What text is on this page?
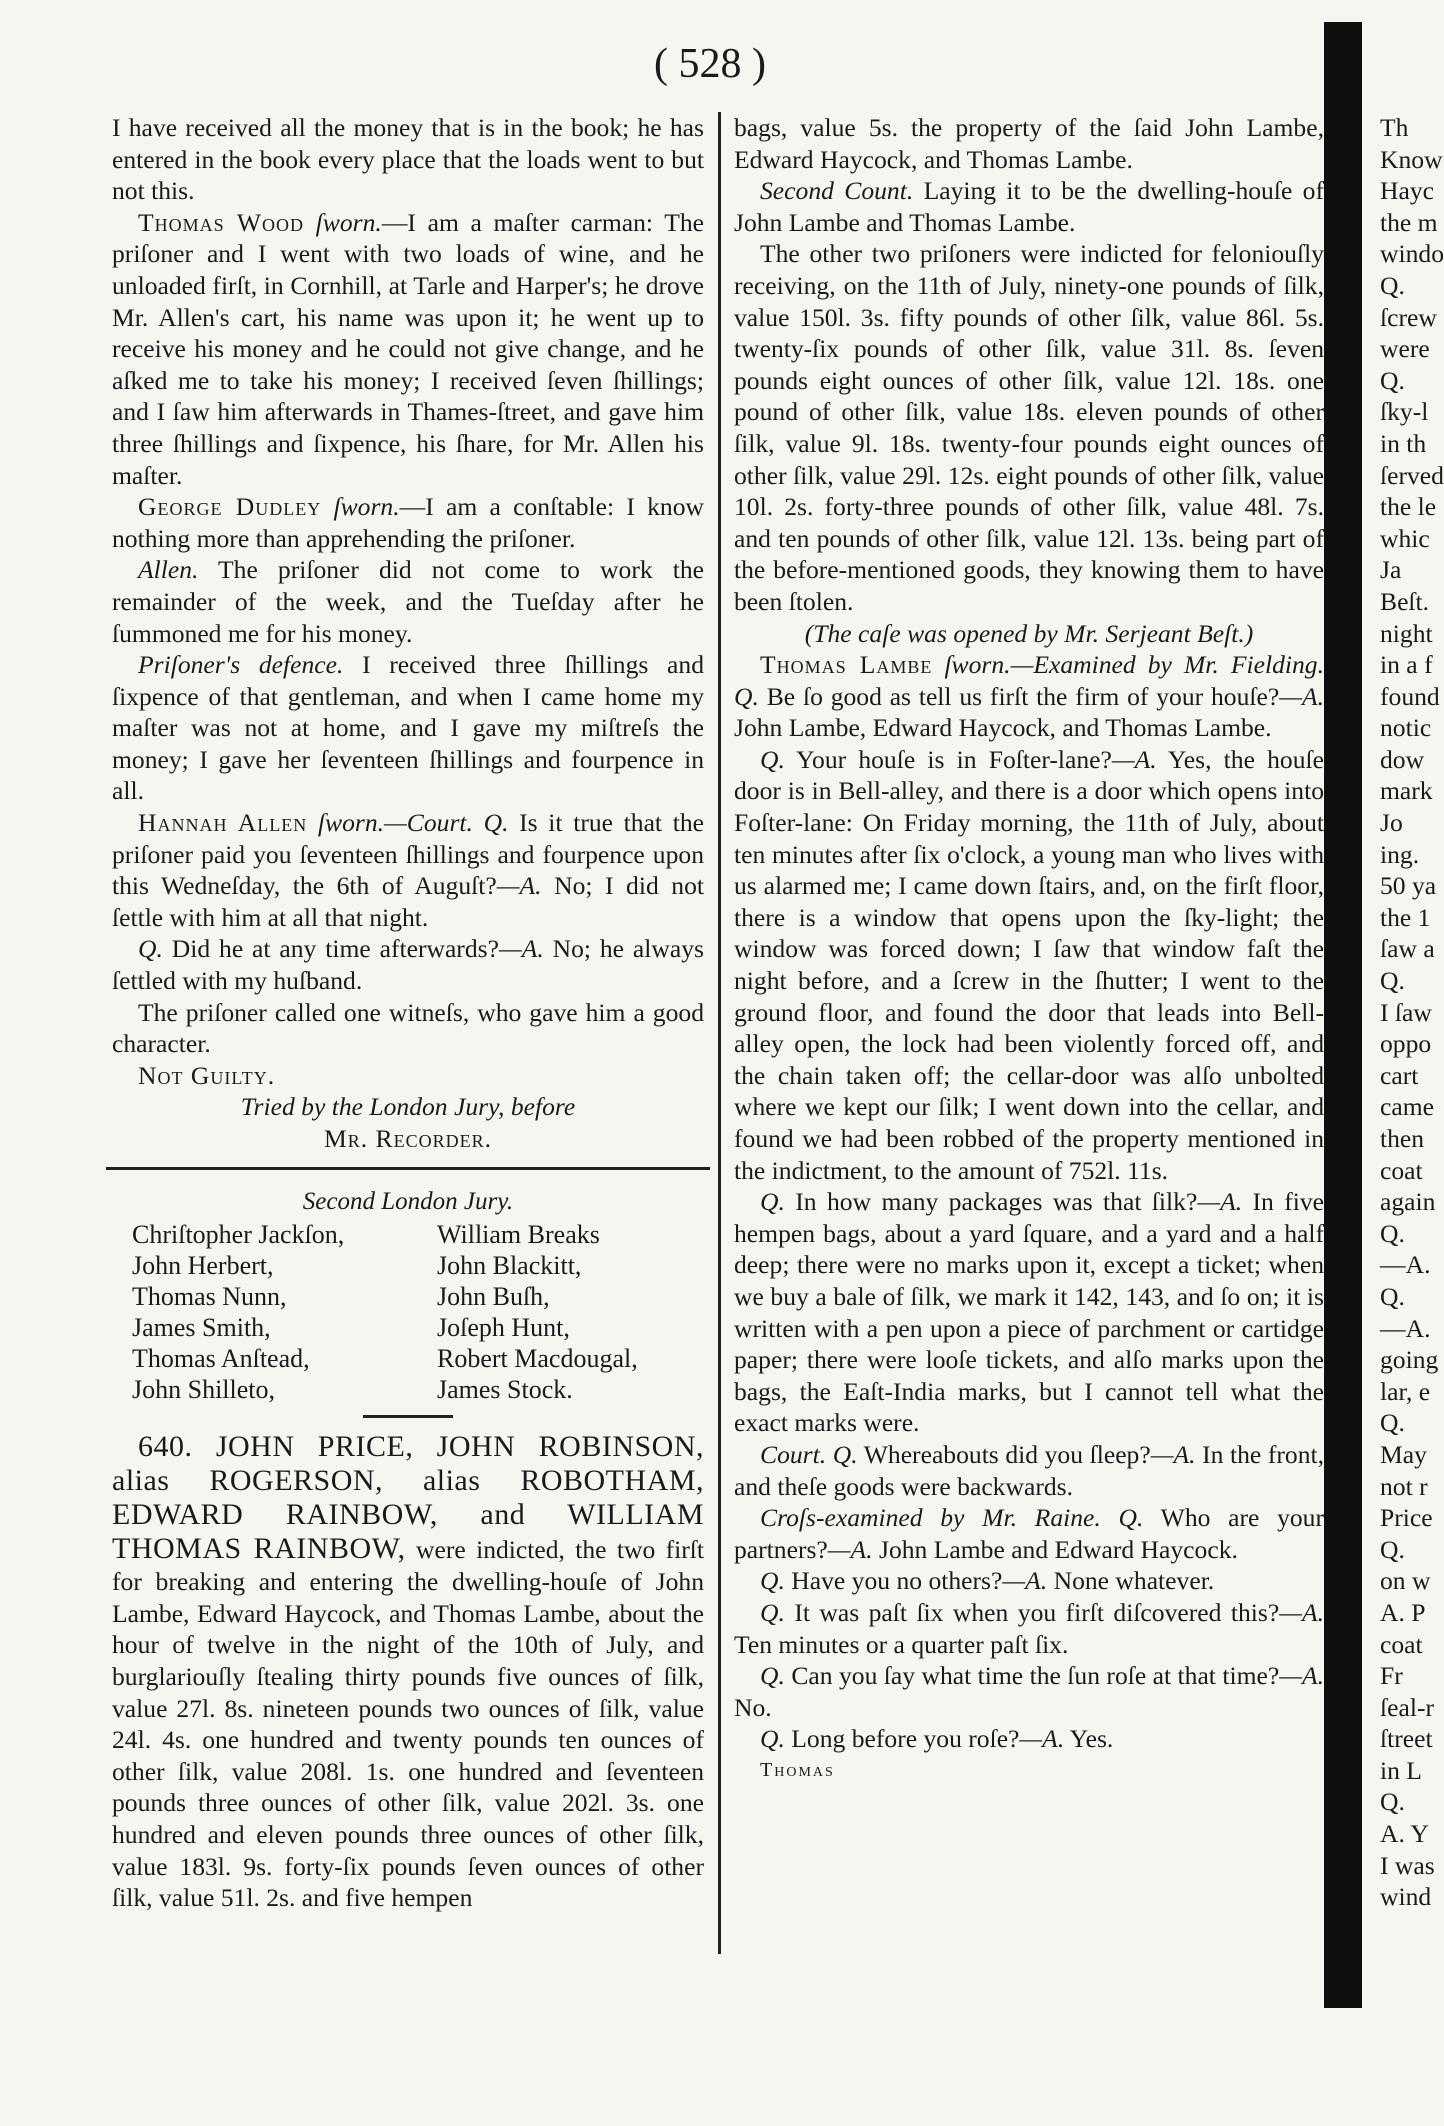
( 528 )

I have received all the money that is in the book; he has entered in the book every place that the loads went to but not this.

Thomas Wood ſworn.—I am a maſter carman: The priſoner and I went with two loads of wine, and he unloaded firſt, in Cornhill, at Tarle and Harper's; he drove Mr. Allen's cart, his name was upon it; he went up to receive his money and he could not give change, and he aſked me to take his money; I received ſeven ſhillings; and I ſaw him afterwards in Thames-ſtreet, and gave him three ſhillings and ſixpence, his ſhare, for Mr. Allen his maſter.

George Dudley ſworn.—I am a conſtable: I know nothing more than apprehending the priſoner.

Allen. The priſoner did not come to work the remainder of the week, and the Tueſday after he ſummoned me for his money.

Priſoner's defence. I received three ſhillings and ſixpence of that gentleman, and when I came home my maſter was not at home, and I gave my miſtreſs the money; I gave her ſeventeen ſhillings and fourpence in all.

Hannah Allen ſworn.—Court. Q. Is it true that the priſoner paid you ſeventeen ſhillings and fourpence upon this Wedneſday, the 6th of Auguſt?—A. No; I did not ſettle with him at all that night.

Q. Did he at any time afterwards?—A. No; he always ſettled with my huſband.

The priſoner called one witneſs, who gave him a good character.

Not Guilty.

Tried by the London Jury, before

Mr. Recorder.

Second London Jury.
Chriſtopher Jackſon,	William Breaks
John Herbert,	John Blackitt,
Thomas Nunn,	John Buſh,
James Smith,	Joſeph Hunt,
Thomas Anſtead,	Robert Macdougal,
John Shilleto,	James Stock.

640. JOHN PRICE, JOHN ROBINSON, alias ROGERSON, alias ROBOTHAM, EDWARD RAINBOW, and WILLIAM THOMAS RAINBOW, were indicted, the two firſt for breaking and entering the dwelling-houſe of John Lambe, Edward Haycock, and Thomas Lambe, about the hour of twelve in the night of the 10th of July, and burglariouſly ſtealing thirty pounds five ounces of ſilk, value 27l. 8s. nineteen pounds two ounces of ſilk, value 24l. 4s. one hundred and twenty pounds ten ounces of other ſilk, value 208l. 1s. one hundred and ſeventeen pounds three ounces of other ſilk, value 202l. 3s. one hundred and eleven pounds three ounces of other ſilk, value 183l. 9s. forty-ſix pounds ſeven ounces of other ſilk, value 51l. 2s. and five hempen

bags, value 5s. the property of the ſaid John Lambe, Edward Haycock, and Thomas Lambe.

Second Count. Laying it to be the dwelling-houſe of John Lambe and Thomas Lambe.

The other two priſoners were indicted for feloniouſly receiving, on the 11th of July, ninety-one pounds of ſilk, value 150l. 3s. fifty pounds of other ſilk, value 86l. 5s. twenty-ſix pounds of other ſilk, value 31l. 8s. ſeven pounds eight ounces of other ſilk, value 12l. 18s. one pound of other ſilk, value 18s. eleven pounds of other ſilk, value 9l. 18s. twenty-four pounds eight ounces of other ſilk, value 29l. 12s. eight pounds of other ſilk, value 10l. 2s. forty-three pounds of other ſilk, value 48l. 7s. and ten pounds of other ſilk, value 12l. 13s. being part of the before-mentioned goods, they knowing them to have been ſtolen.

(The caſe was opened by Mr. Serjeant Beſt.)

Thomas Lambe ſworn.—Examined by Mr. Fielding. Q. Be ſo good as tell us firſt the firm of your houſe?—A. John Lambe, Edward Haycock, and Thomas Lambe.

Q. Your houſe is in Foſter-lane?—A. Yes, the houſe door is in Bell-alley, and there is a door which opens into Foſter-lane: On Friday morning, the 11th of July, about ten minutes after ſix o'clock, a young man who lives with us alarmed me; I came down ſtairs, and, on the firſt floor, there is a window that opens upon the ſky-light; the window was forced down; I ſaw that window faſt the night before, and a ſcrew in the ſhutter; I went to the ground floor, and found the door that leads into Bell-alley open, the lock had been violently forced off, and the chain taken off; the cellar-door was alſo unbolted where we kept our ſilk; I went down into the cellar, and found we had been robbed of the property mentioned in the indictment, to the amount of 752l. 11s.

Q. In how many packages was that ſilk?—A. In five hempen bags, about a yard ſquare, and a yard and a half deep; there were no marks upon it, except a ticket; when we buy a bale of ſilk, we mark it 142, 143, and ſo on; it is written with a pen upon a piece of parchment or cartidge paper; there were looſe tickets, and alſo marks upon the bags, the Eaſt-India marks, but I cannot tell what the exact marks were.

Court. Q. Whereabouts did you ſleep?—A. In the front, and theſe goods were backwards.

Croſs-examined by Mr. Raine. Q. Who are your partners?—A. John Lambe and Edward Haycock.

Q. Have you no others?—A. None whatever.

Q. It was paſt ſix when you firſt diſcovered this?—A. Ten minutes or a quarter paſt ſix.

Q. Can you ſay what time the ſun roſe at that time?—A. No.

Q. Long before you roſe?—A. Yes.

Thomas

Th
Know
Hayc
the m
windo
Q.
ſcrew
were
Q.
ſky-l
in th
ſerved
the le
whic
Ja
Beſt.
night
in a f
found
notic
dow
mark
Jo
ing.
50 ya
the 1
ſaw a
Q.
I ſaw
oppo
cart
came
then
coat
again
Q.
—A.
Q.
—A.
going
lar, e
Q.
May
not r
Price
Q.
on w
A. P
coat
Fr
ſeal-r
ſtreet
in L
Q.
A. Y
I was
wind
